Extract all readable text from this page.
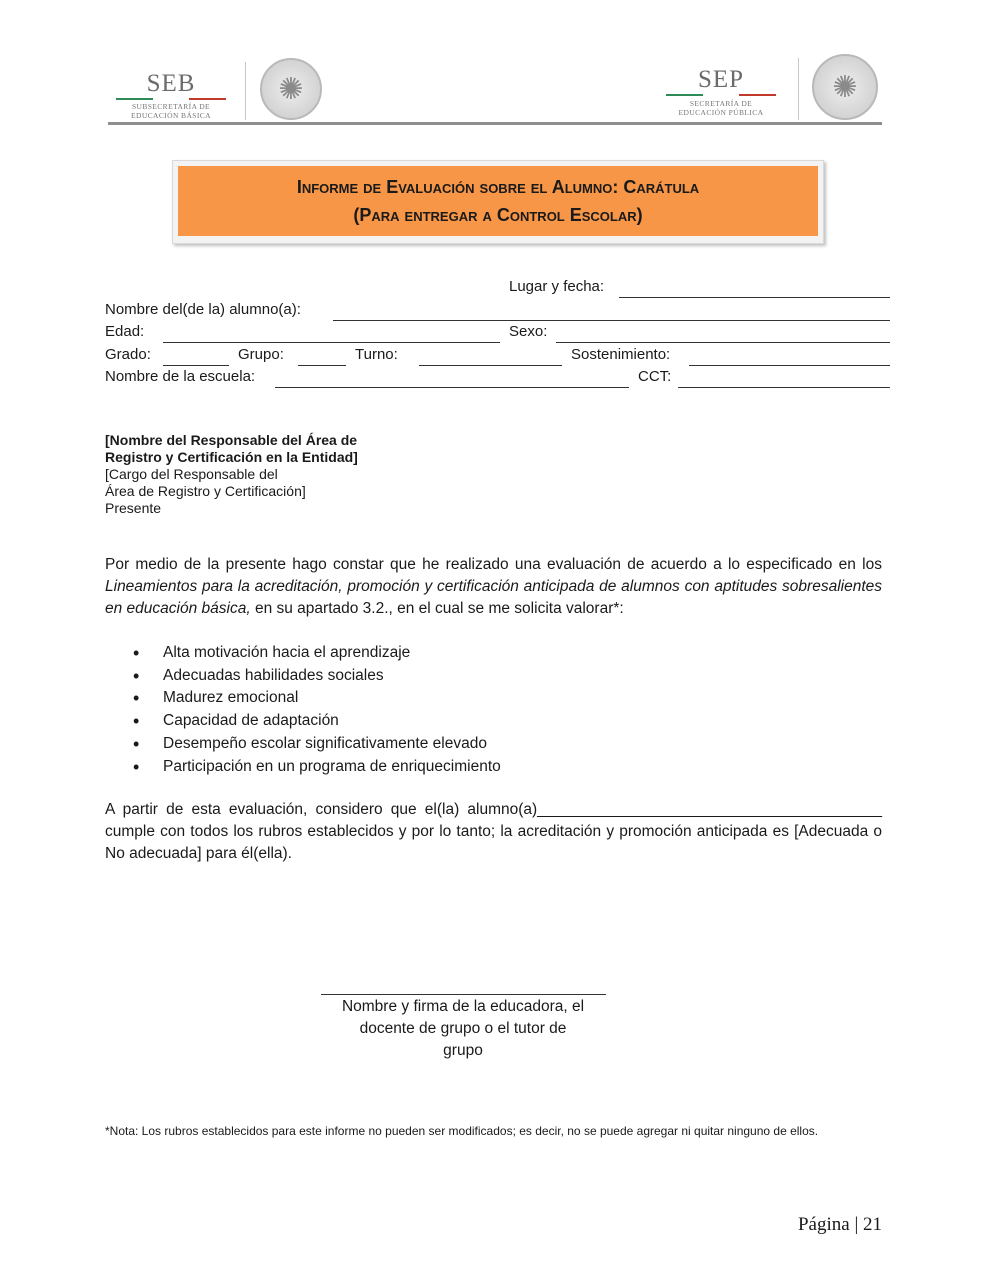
SEB
SUBSECRETARÍA DE
EDUCACIÓN BÁSICA
✺	SEP
SECRETARÍA DE
EDUCACIÓN PÚBLICA
✺
Informe de Evaluación sobre el Alumno: Carátula
(Para entregar a Control Escolar)
Lugar y fecha:
Nombre del(de la) alumno(a):
Edad:	Sexo:
Grado:	Grupo:	Turno:	Sostenimiento:
Nombre de la escuela:	CCT:
[Nombre del Responsable del Área de
Registro y Certificación en la Entidad]
[Cargo del Responsable del
Área de Registro y Certificación]
Presente
Por medio de la presente hago constar que he realizado una evaluación de acuerdo a lo especificado en los Lineamientos para la acreditación, promoción y certificación anticipada de alumnos con aptitudes sobresalientes en educación básica, en su apartado 3.2., en el cual se me solicita valorar*:
• Alta motivación hacia el aprendizaje
• Adecuadas habilidades sociales
• Madurez emocional
• Capacidad de adaptación
• Desempeño escolar significativamente elevado
• Participación en un programa de enriquecimiento
A partir de esta evaluación, considero que el(la) alumno(a)________________________________________ cumple con todos los rubros establecidos y por lo tanto; la acreditación y promoción anticipada es [Adecuada o No adecuada] para él(ella).
Nombre y firma de la educadora, el
docente de grupo o el tutor de
grupo
*Nota: Los rubros establecidos para este informe no pueden ser modificados; es decir, no se puede agregar ni quitar ninguno de ellos.
Página | 21
